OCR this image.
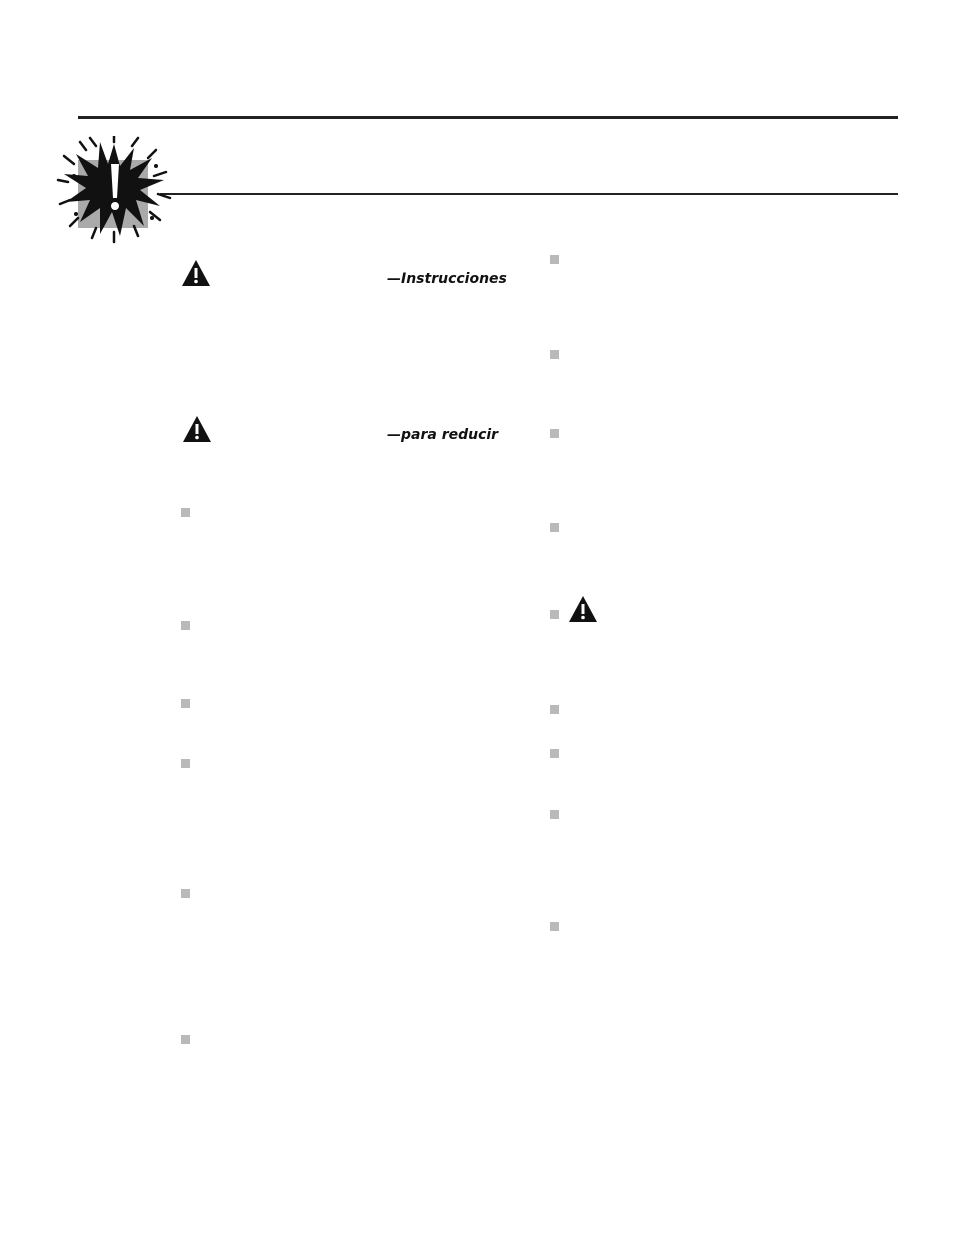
—Instrucciones
—para reducir
